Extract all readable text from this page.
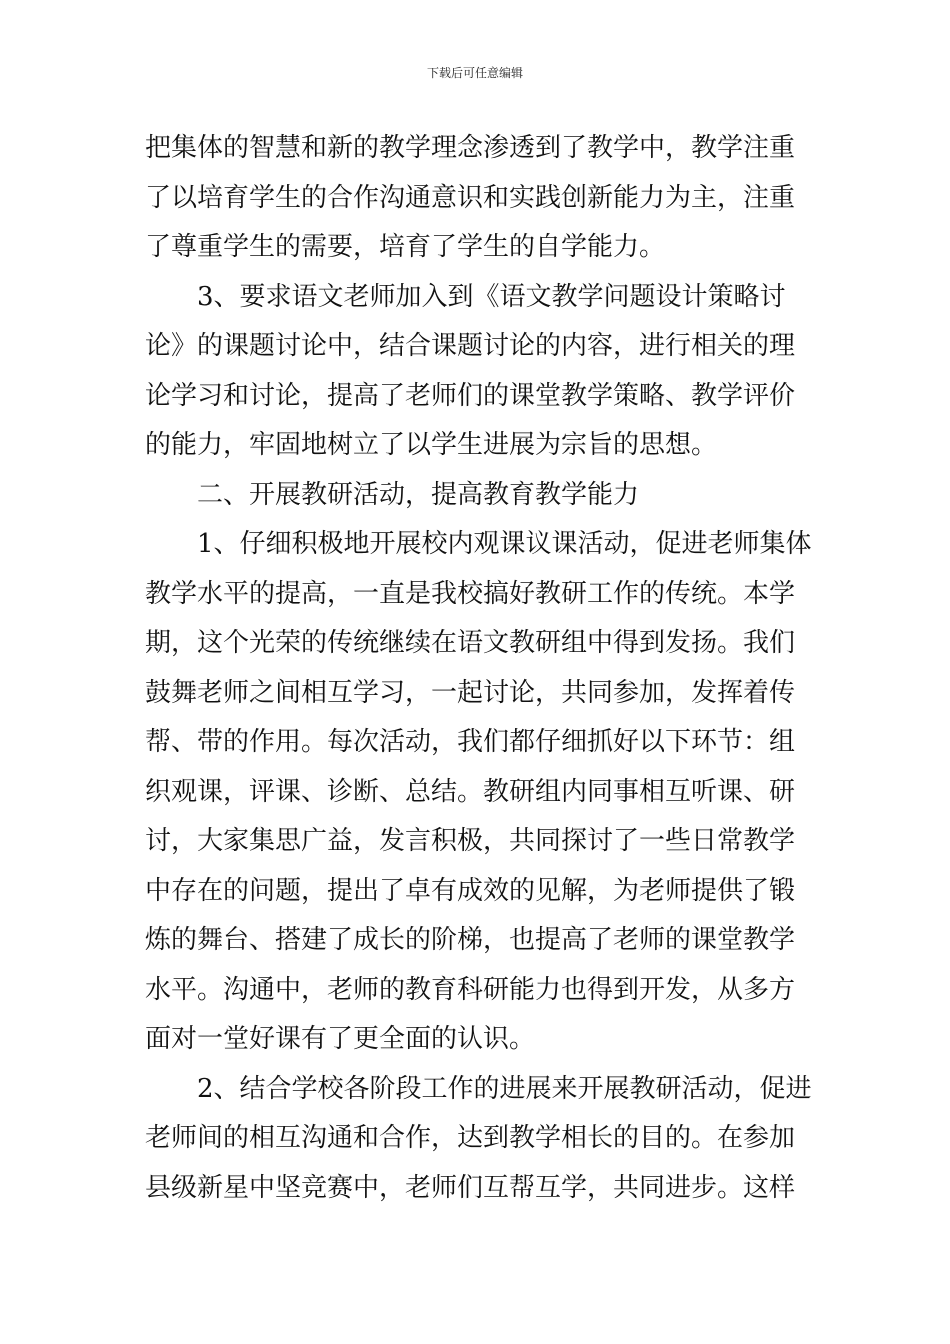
下载后可任意编辑
把集体的智慧和新的教学理念渗透到了教学中，教学注重
了以培育学生的合作沟通意识和实践创新能力为主，注重
了尊重学生的需要，培育了学生的自学能力。
3、要求语文老师加入到《语文教学问题设计策略讨
论》的课题讨论中，结合课题讨论的内容，进行相关的理
论学习和讨论，提高了老师们的课堂教学策略、教学评价
的能力，牢固地树立了以学生进展为宗旨的思想。
二、开展教研活动，提高教育教学能力
1、仔细积极地开展校内观课议课活动，促进老师集体
教学水平的提高，一直是我校搞好教研工作的传统。本学
期，这个光荣的传统继续在语文教研组中得到发扬。我们
鼓舞老师之间相互学习，一起讨论，共同参加，发挥着传
帮、带的作用。每次活动，我们都仔细抓好以下环节：组
织观课，评课、诊断、总结。教研组内同事相互听课、研
讨，大家集思广益，发言积极，共同探讨了一些日常教学
中存在的问题，提出了卓有成效的见解，为老师提供了锻
炼的舞台、搭建了成长的阶梯，也提高了老师的课堂教学
水平。沟通中，老师的教育科研能力也得到开发，从多方
面对一堂好课有了更全面的认识。
2、结合学校各阶段工作的进展来开展教研活动，促进
老师间的相互沟通和合作，达到教学相长的目的。在参加
县级新星中坚竞赛中，老师们互帮互学，共同进步。这样
